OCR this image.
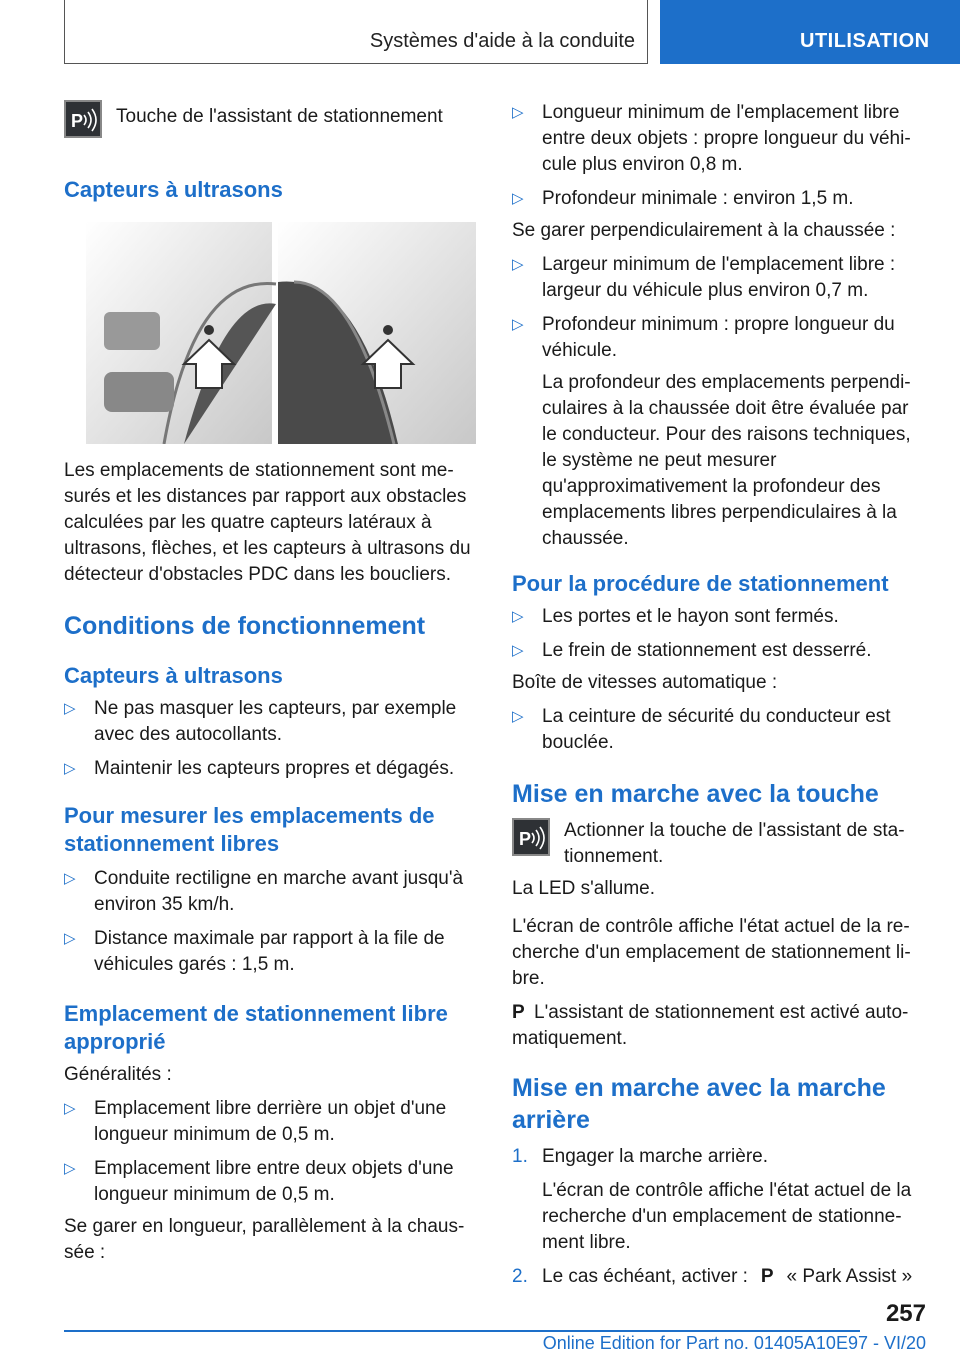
Systèmes d'aide à la conduite	UTILISATION
P Touche de l'assistant de stationnement

Capteurs à ultrasons

Les emplacements de stationnement sont mesurés et les distances par rapport aux obstacles calculées par les quatre capteurs latéraux à ultrasons, flèches, et les capteurs à ultrasons du détecteur d'obstacles PDC dans les boucliers.

Conditions de fonctionnement
Capteurs à ultrasons
▷ Ne pas masquer les capteurs, par exemple avec des autocollants.
▷ Maintenir les capteurs propres et dégagés.
Pour mesurer les emplacements de stationnement libres
▷ Conduite rectiligne en marche avant jusqu'à environ 35 km/h.
▷ Distance maximale par rapport à la file de véhicules garés : 1,5 m.
Emplacement de stationnement libre approprié

Généralités :

▷ Emplacement libre derrière un objet d'une longueur minimum de 0,5 m.
▷ Emplacement libre entre deux objets d'une longueur minimum de 0,5 m.

Se garer en longueur, parallèlement à la chaussée :

▷ Longueur minimum de l'emplacement libre entre deux objets : propre longueur du véhicule plus environ 0,8 m.
▷ Profondeur minimale : environ 1,5 m.

Se garer perpendiculairement à la chaussée :

▷ Largeur minimum de l'emplacement libre : largeur du véhicule plus environ 0,7 m.
▷ Profondeur minimum : propre longueur du véhicule.

La profondeur des emplacements perpendiculaires à la chaussée doit être évaluée par le conducteur. Pour des raisons techniques, le système ne peut mesurer qu'approximativement la profondeur des emplacements libres perpendiculaires à la chaussée.

Pour la procédure de stationnement
▷ Les portes et le hayon sont fermés.
▷ Le frein de stationnement est desserré.

Boîte de vitesses automatique :

▷ La ceinture de sécurité du conducteur est bouclée.
Mise en marche avec la touche
P Actionner la touche de l'assistant de stationnement.

La LED s'allume.

L'écran de contrôle affiche l'état actuel de la recherche d'un emplacement de stationnement libre.

P L'assistant de stationnement est activé automatiquement.

Mise en marche avec la marche arrière
1. Engager la marche arrière.

L'écran de contrôle affiche l'état actuel de la recherche d'un emplacement de stationnement libre.

2. Le cas échéant, activer : P « Park Assist »
257
Online Edition for Part no. 01405A10E97 - VI/20
